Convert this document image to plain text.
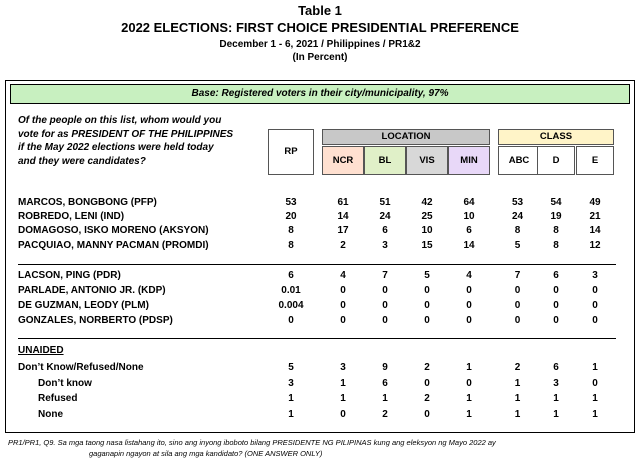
Table 1
2022 ELECTIONS: FIRST CHOICE PRESIDENTIAL PREFERENCE
December 1 - 6, 2021 / Philippines / PR1&2
(In Percent)
Base: Registered voters in their city/municipality, 97%
Of the people on this list, whom would you
vote for as PRESIDENT OF THE PHILIPPINES
if the May 2022 elections were held today
and they were candidates?
RP
LOCATION	CLASS
NCR	BL	VIS	MIN	ABC	D	E
MARCOS, BONGBONG (PFP)	53	61	51	42	64	53	54	49
ROBREDO, LENI (IND)	20	14	24	25	10	24	19	21
DOMAGOSO, ISKO MORENO (AKSYON)	8	17	6	10	6	8	8	14
PACQUIAO, MANNY PACMAN (PROMDI)	8	2	3	15	14	5	8	12
LACSON, PING (PDR)	6	4	7	5	4	7	6	3
PARLADE, ANTONIO JR. (KDP)	0.01	0	0	0	0	0	0	0
DE GUZMAN, LEODY (PLM)	0.004	0	0	0	0	0	0	0
GONZALES, NORBERTO (PDSP)	0	0	0	0	0	0	0	0
UNAIDED
Don’t Know/Refused/None	5	3	9	2	1	2	6	1
Don’t know	3	1	6	0	0	1	3	0
Refused	1	1	1	2	1	1	1	1
None	1	0	2	0	1	1	1	1
PR1/PR1, Q9. Sa mga taong nasa listahang ito, sino ang inyong iboboto bilang PRESIDENTE NG PILIPINAS kung ang eleksyon ng Mayo 2022 ay
gaganapin ngayon at sila ang mga kandidato? (ONE ANSWER ONLY)
